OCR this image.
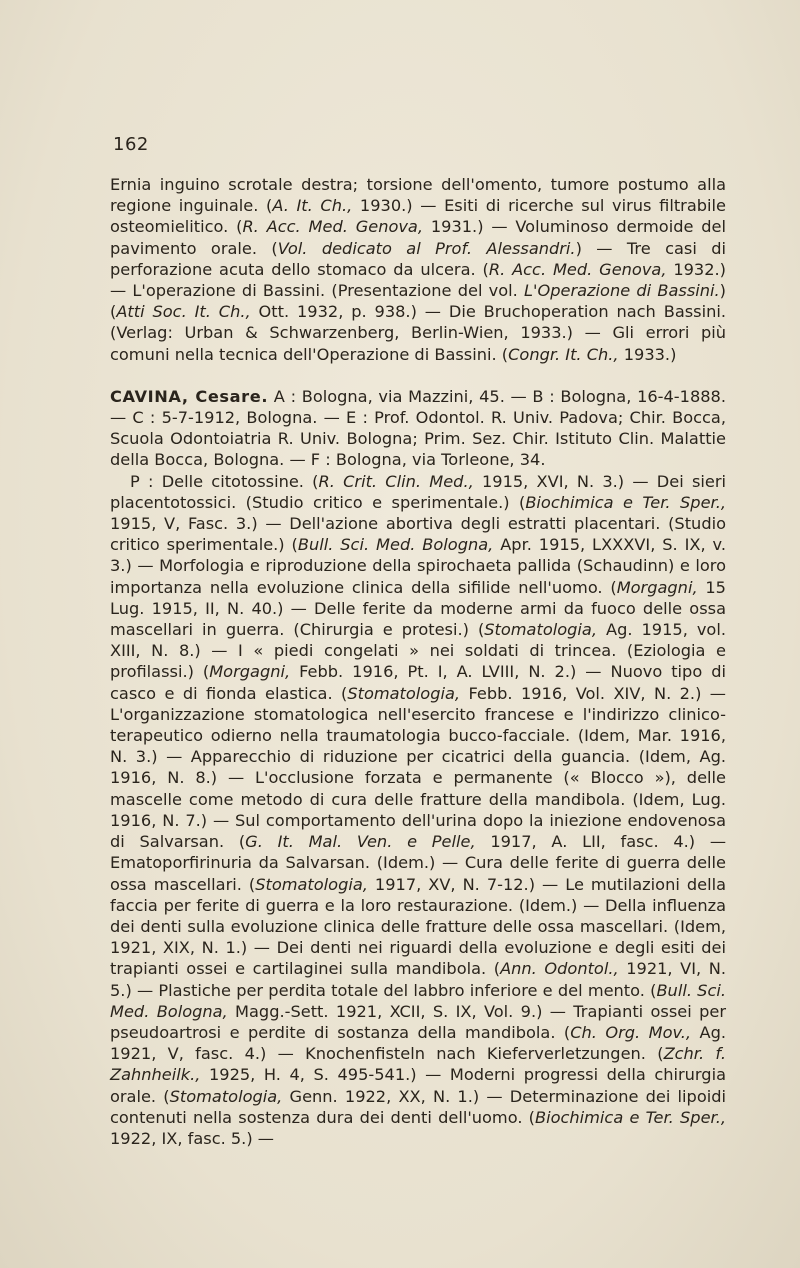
162

Ernia inguino scrotale destra; torsione dell'omento, tumore postumo alla regione inguinale. (A. It. Ch., 1930.) — Esiti di ricerche sul virus filtrabile osteomielitico. (R. Acc. Med. Genova, 1931.) — Voluminoso dermoide del pavimento orale. (Vol. dedicato al Prof. Alessandri.) — Tre casi di perforazione acuta dello stomaco da ulcera. (R. Acc. Med. Genova, 1932.) — L'operazione di Bassini. (Presentazione del vol. L'Operazione di Bassini.) (Atti Soc. It. Ch., Ott. 1932, p. 938.) — Die Bruchoperation nach Bassini. (Verlag: Urban & Schwarzenberg, Berlin-Wien, 1933.) — Gli errori più comuni nella tecnica dell'Operazione di Bassini. (Congr. It. Ch., 1933.)

CAVINA, Cesare. A : Bologna, via Mazzini, 45. — B : Bologna, 16-4-1888. — C : 5-7-1912, Bologna. — E : Prof. Odontol. R. Univ. Padova; Chir. Bocca, Scuola Odontoiatria R. Univ. Bologna; Prim. Sez. Chir. Istituto Clin. Malattie della Bocca, Bologna. — F : Bologna, via Torleone, 34.

P : Delle citotossine. (R. Crit. Clin. Med., 1915, XVI, N. 3.) — Dei sieri placentotossici. (Studio critico e sperimentale.) (Biochimica e Ter. Sper., 1915, V, Fasc. 3.) — Dell'azione abortiva degli estratti placentari. (Studio critico sperimentale.) (Bull. Sci. Med. Bologna, Apr. 1915, LXXXVI, S. IX, v. 3.) — Morfologia e riproduzione della spirochaeta pallida (Schaudinn) e loro importanza nella evoluzione clinica della sifilide nell'uomo. (Morgagni, 15 Lug. 1915, II, N. 40.) — Delle ferite da moderne armi da fuoco delle ossa mascellari in guerra. (Chirurgia e protesi.) (Stomatologia, Ag. 1915, vol. XIII, N. 8.) — I « piedi congelati » nei soldati di trincea. (Eziologia e profilassi.) (Morgagni, Febb. 1916, Pt. I, A. LVIII, N. 2.) — Nuovo tipo di casco e di fionda elastica. (Stomatologia, Febb. 1916, Vol. XIV, N. 2.) — L'organizzazione stomatologica nell'esercito francese e l'indirizzo clinico-terapeutico odierno nella traumatologia bucco-facciale. (Idem, Mar. 1916, N. 3.) — Apparecchio di riduzione per cicatrici della guancia. (Idem, Ag. 1916, N. 8.) — L'occlusione forzata e permanente (« Blocco »), delle mascelle come metodo di cura delle fratture della mandibola. (Idem, Lug. 1916, N. 7.) — Sul comportamento dell'urina dopo la iniezione endovenosa di Salvarsan. (G. It. Mal. Ven. e Pelle, 1917, A. LII, fasc. 4.) — Ematoporfirinuria da Salvarsan. (Idem.) — Cura delle ferite di guerra delle ossa mascellari. (Stomatologia, 1917, XV, N. 7-12.) — Le mutilazioni della faccia per ferite di guerra e la loro restaurazione. (Idem.) — Della influenza dei denti sulla evoluzione clinica delle fratture delle ossa mascellari. (Idem, 1921, XIX, N. 1.) — Dei denti nei riguardi della evoluzione e degli esiti dei trapianti ossei e cartilaginei sulla mandibola. (Ann. Odontol., 1921, VI, N. 5.) — Plastiche per perdita totale del labbro inferiore e del mento. (Bull. Sci. Med. Bologna, Magg.-Sett. 1921, XCII, S. IX, Vol. 9.) — Trapianti ossei per pseudoartrosi e perdite di sostanza della mandibola. (Ch. Org. Mov., Ag. 1921, V, fasc. 4.) — Knochenfisteln nach Kieferverletzungen. (Zchr. f. Zahnheilk., 1925, H. 4, S. 495-541.) — Moderni progressi della chirurgia orale. (Stomatologia, Genn. 1922, XX, N. 1.) — Determinazione dei lipoidi contenuti nella sostenza dura dei denti dell'uomo. (Biochimica e Ter. Sper., 1922, IX, fasc. 5.) —
